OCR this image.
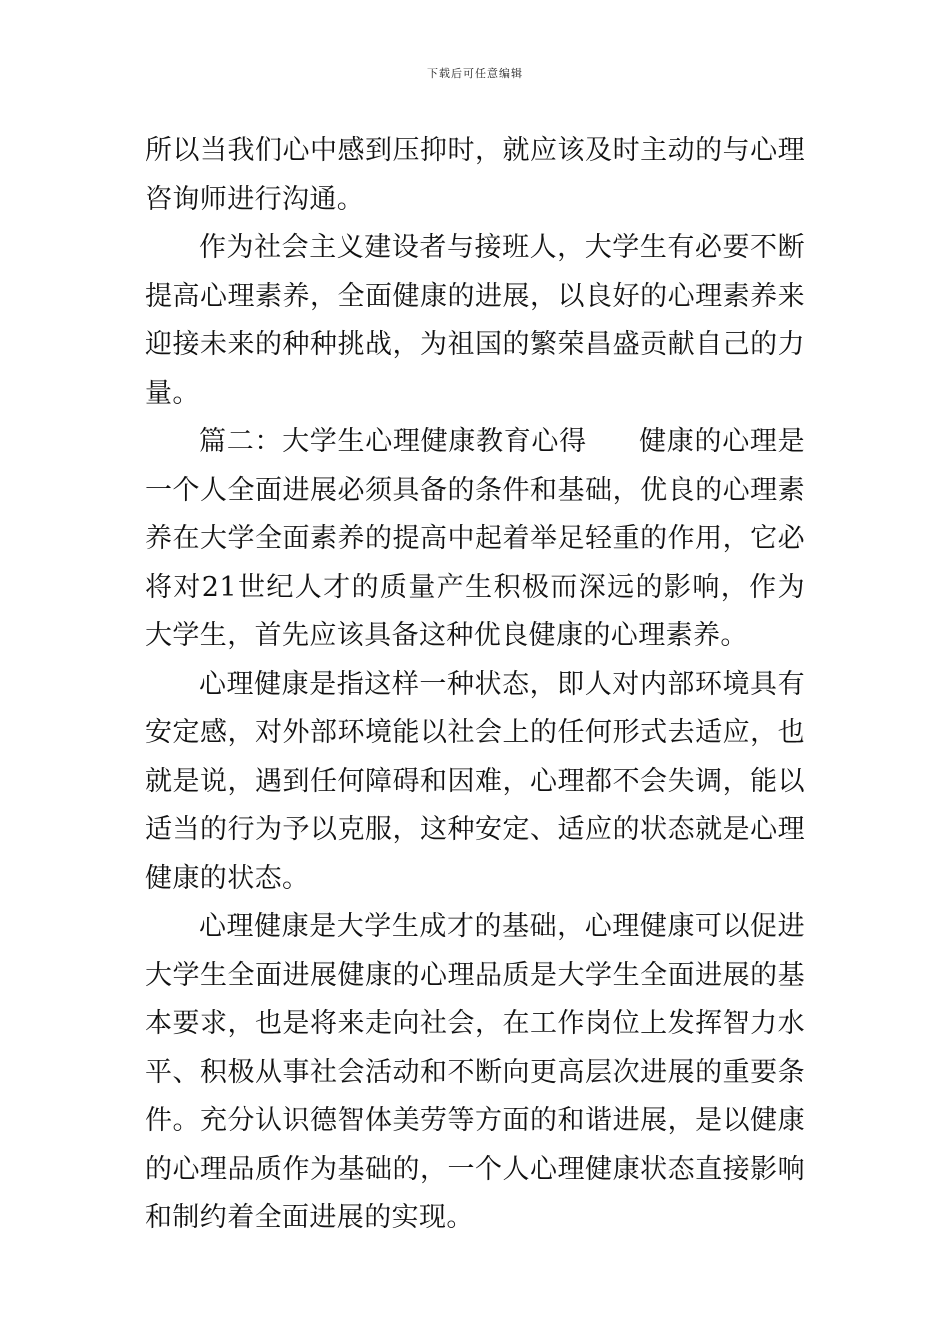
下载后可任意编辑

所以当我们心中感到压抑时，就应该及时主动的与心理咨询师进行沟通。

作为社会主义建设者与接班人，大学生有必要不断提高心理素养，全面健康的进展，以良好的心理素养来迎接未来的种种挑战，为祖国的繁荣昌盛贡献自己的力量。

篇二：大学生心理健康教育心得 健康的心理是一个人全面进展必须具备的条件和基础，优良的心理素养在大学全面素养的提高中起着举足轻重的作用，它必将对21世纪人才的质量产生积极而深远的影响，作为大学生，首先应该具备这种优良健康的心理素养。

心理健康是指这样一种状态，即人对内部环境具有安定感，对外部环境能以社会上的任何形式去适应，也就是说，遇到任何障碍和因难，心理都不会失调，能以适当的行为予以克服，这种安定、适应的状态就是心理健康的状态。

心理健康是大学生成才的基础，心理健康可以促进大学生全面进展健康的心理品质是大学生全面进展的基本要求，也是将来走向社会，在工作岗位上发挥智力水平、积极从事社会活动和不断向更高层次进展的重要条件。充分认识德智体美劳等方面的和谐进展，是以健康的心理品质作为基础的，一个人心理健康状态直接影响和制约着全面进展的实现。
